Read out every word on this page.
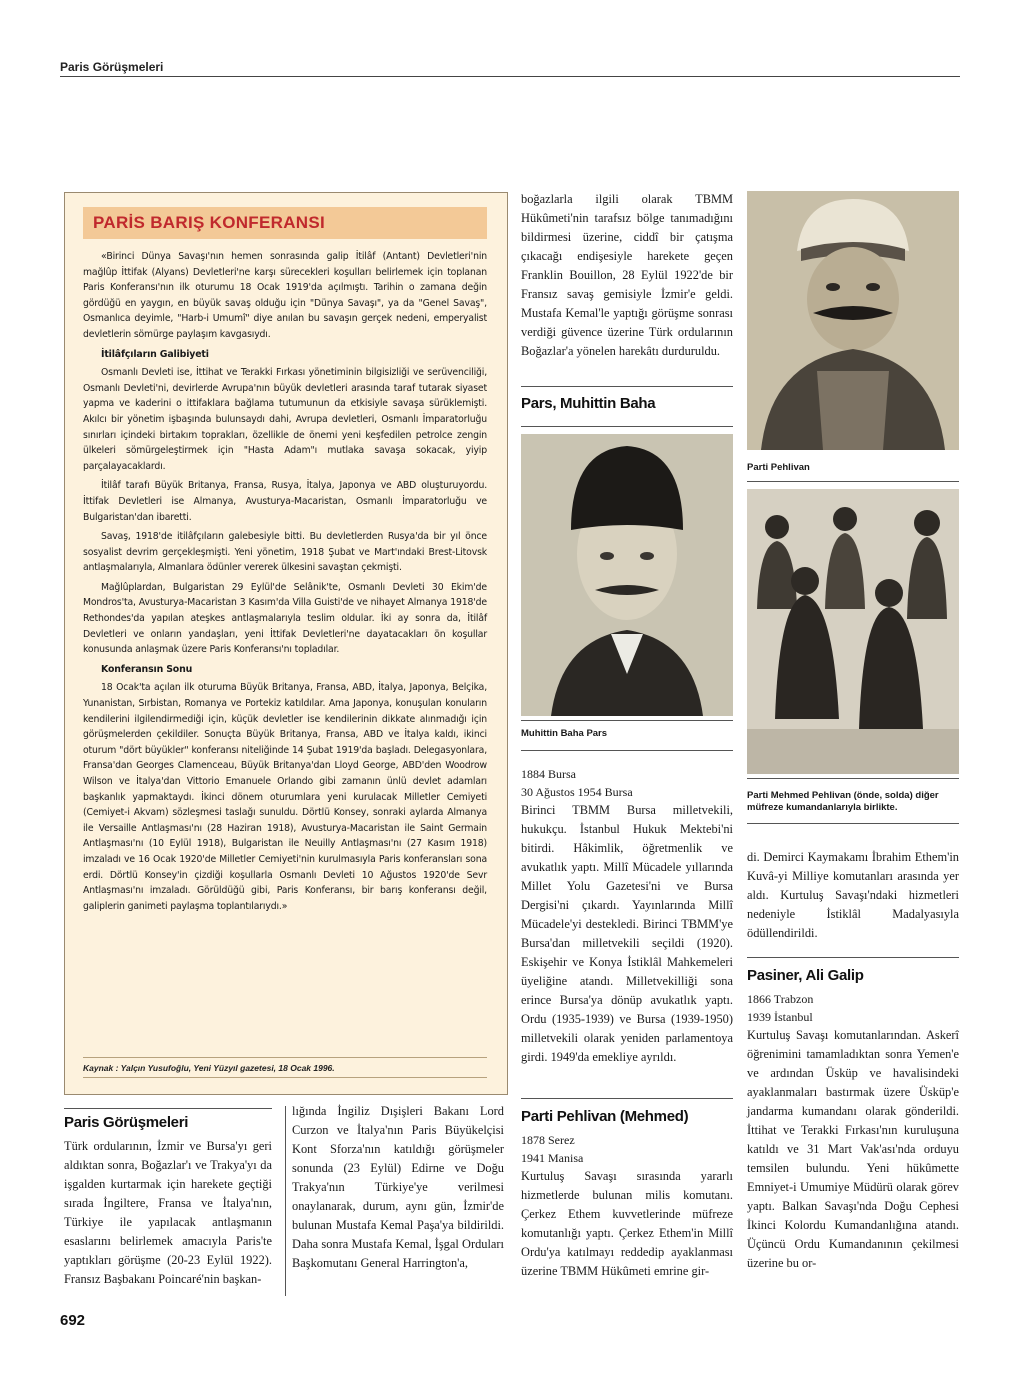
Paris Görüşmeleri
PARİS BARIŞ KONFERANSI

«Birinci Dünya Savaşı'nın hemen sonrasında galip İtilâf (Antant) Devletleri'nin mağlûp İttifak (Alyans) Devletleri'ne karşı sürecekleri koşulları belirlemek için toplanan Paris Konferansı'nın ilk oturumu 18 Ocak 1919'da açılmıştı. Tarihin o zamana değin gördüğü en yaygın, en büyük savaş olduğu için "Dünya Savaşı", ya da "Genel Savaş", Osmanlıca deyimle, "Harb-i Umumî" diye anılan bu savaşın gerçek nedeni, emperyalist devletlerin sömürge paylaşım kavgasıydı.

İtilâfçıların Galibiyeti

Osmanlı Devleti ise, İttihat ve Terakki Fırkası yönetiminin bilgisizliği ve serüvenciliği, Osmanlı Devleti'ni, devirlerde Avrupa'nın büyük devletleri arasında taraf tutarak siyaset yapma ve kaderini o ittifaklara bağlama tutumunun da etkisiyle savaşa sürüklemişti. Akılcı bir yönetim işbaşında bulunsaydı dahi, Avrupa devletleri, Osmanlı İmparatorluğu sınırları içindeki birtakım toprakları, özellikle de önemi yeni keşfedilen petrolce zengin ülkeleri sömürgeleştirmek için "Hasta Adam"ı mutlaka savaşa sokacak, yiyip parçalayacaklardı.

İtilâf tarafı Büyük Britanya, Fransa, Rusya, İtalya, Japonya ve ABD oluşturuyordu. İttifak Devletleri ise Almanya, Avusturya-Macaristan, Osmanlı İmparatorluğu ve Bulgaristan'dan ibaretti.

Savaş, 1918'de itilâfçıların galebesiyle bitti. Bu devletlerden Rusya'da bir yıl önce sosyalist devrim gerçekleşmişti. Yeni yönetim, 1918 Şubat ve Mart'ındaki Brest-Litovsk antlaşmalarıyla, Almanlara ödünler vererek ülkesini savaştan çekmişti.

Mağlûplardan, Bulgaristan 29 Eylül'de Selânik'te, Osmanlı Devleti 30 Ekim'de Mondros'ta, Avusturya-Macaristan 3 Kasım'da Villa Guisti'de ve nihayet Almanya 1918'de Rethondes'da yapılan ateşkes antlaşmalarıyla teslim oldular. İki ay sonra da, İtilâf Devletleri ve onların yandaşları, yeni İttifak Devletleri'ne dayatacakları ön koşullar konusunda anlaşmak üzere Paris Konferansı'nı topladılar.

Konferansın Sonu

18 Ocak'ta açılan ilk oturuma Büyük Britanya, Fransa, ABD, İtalya, Japonya, Belçika, Yunanistan, Sırbistan, Romanya ve Portekiz katıldılar. Ama Japonya, konuşulan konuların kendilerini ilgilendirmediği için, küçük devletler ise kendilerinin dikkate alınmadığı için görüşmelerden çekildiler. Sonuçta Büyük Britanya, Fransa, ABD ve İtalya kaldı, ikinci oturum "dört büyükler" konferansı niteliğinde 14 Şubat 1919'da başladı. Delegasyonlara, Fransa'dan Georges Clamenceau, Büyük Britanya'dan Lloyd George, ABD'den Woodrow Wilson ve İtalya'dan Vittorio Emanuele Orlando gibi zamanın ünlü devlet adamları başkanlık yapmaktaydı. İkinci dönem oturumlara yeni kurulacak Milletler Cemiyeti (Cemiyet-i Akvam) sözleşmesi taslağı sunuldu. Dörtlü Konsey, sonraki aylarda Almanya ile Versaille Antlaşması'nı (28 Haziran 1918), Avusturya-Macaristan ile Saint Germain Antlaşması'nı (10 Eylül 1918), Bulgaristan ile Neuilly Antlaşması'nı (27 Kasım 1918) imzaladı ve 16 Ocak 1920'de Milletler Cemiyeti'nin kurulmasıyla Paris konferansları sona erdi. Dörtlü Konsey'in çizdiği koşullarla Osmanlı Devleti 10 Ağustos 1920'de Sevr Antlaşması'nı imzaladı. Görüldüğü gibi, Paris Konferansı, bir barış konferansı değil, galiplerin ganimeti paylaşma toplantılarıydı.»

Kaynak : Yalçın Yusufoğlu, Yeni Yüzyıl gazetesi, 18 Ocak 1996.
Paris Görüşmeleri

Türk ordularının, İzmir ve Bursa'yı geri aldıktan sonra, Boğazlar'ı ve Trakya'yı da işgalden kurtarmak için harekete geçtiği sırada İngiltere, Fransa ve İtalya'nın, Türkiye ile yapılacak antlaşmanın esaslarını belirlemek amacıyla Paris'te yaptıkları görüşme (20-23 Eylül 1922). Fransız Başbakanı Poincaré'nin başkan-

lığında İngiliz Dışişleri Bakanı Lord Curzon ve İtalya'nın Paris Büyükelçisi Kont Sforza'nın katıldığı görüşmeler sonunda (23 Eylül) Edirne ve Doğu Trakya'nın Türkiye'ye verilmesi onaylanarak, durum, aynı gün, İzmir'de bulunan Mustafa Kemal Paşa'ya bildirildi. Daha sonra Mustafa Kemal, İşgal Orduları Başkomutanı General Harrington'a,

boğazlarla ilgili olarak TBMM Hükûmeti'nin tarafsız bölge tanımadığını bildirmesi üzerine, ciddî bir çatışma çıkacağı endişesiyle harekete geçen Franklin Bouillon, 28 Eylül 1922'de bir Fransız savaş gemisiyle İzmir'e geldi. Mustafa Kemal'le yaptığı görüşme sonrası verdiği güvence üzerine Türk ordularının Boğazlar'a yönelen harekâtı durduruldu.

Pars, Muhittin Baha
Muhittin Baha Pars
1884 Bursa
30 Ağustos 1954 Bursa

Birinci TBMM Bursa milletvekili, hukukçu. İstanbul Hukuk Mektebi'ni bitirdi. Hâkimlik, öğretmenlik ve avukatlık yaptı. Millî Mücadele yıllarında Millet Yolu Gazetesi'ni ve Bursa Dergisi'ni çıkardı. Yayınlarında Millî Mücadele'yi destekledi. Birinci TBMM'ye Bursa'dan milletvekili seçildi (1920). Eskişehir ve Konya İstiklâl Mahkemeleri üyeliğine atandı. Milletvekilliği sona erince Bursa'ya dönüp avukatlık yaptı. Ordu (1935-1939) ve Bursa (1939-1950) milletvekili olarak yeniden parlamentoya girdi. 1949'da emekliye ayrıldı.

Parti Pehlivan (Mehmed)
1878 Serez
1941 Manisa

Kurtuluş Savaşı sırasında yararlı hizmetlerde bulunan milis komutanı. Çerkez Ethem kuvvetlerinde müfreze komutanlığı yaptı. Çerkez Ethem'in Millî Ordu'ya katılmayı reddedip ayaklanması üzerine TBMM Hükûmeti emrine gir-

Parti Pehlivan
Parti Mehmed Pehlivan (önde, solda) diğer müfreze kumandanlarıyla birlikte.

di. Demirci Kaymakamı İbrahim Ethem'in Kuvâ-yi Milliye komutanları arasında yer aldı. Kurtuluş Savaşı'ndaki hizmetleri nedeniyle İstiklâl Madalyasıyla ödüllendirildi.

Pasiner, Ali Galip
1866 Trabzon
1939 İstanbul

Kurtuluş Savaşı komutanlarından. Askerî öğrenimini tamamladıktan sonra Yemen'e ve ardından Üsküp ve havalisindeki ayaklanmaları bastırmak üzere Üsküp'e jandarma kumandanı olarak gönderildi. İttihat ve Terakki Fırkası'nın kuruluşuna katıldı ve 31 Mart Vak'ası'nda orduyu temsilen bulundu. Yeni hükûmette Emniyet-i Umumiye Müdürü olarak görev yaptı. Balkan Savaşı'nda Doğu Cephesi İkinci Kolordu Kumandanlığına atandı. Üçüncü Ordu Kumandanının çekilmesi üzerine bu or-

692
